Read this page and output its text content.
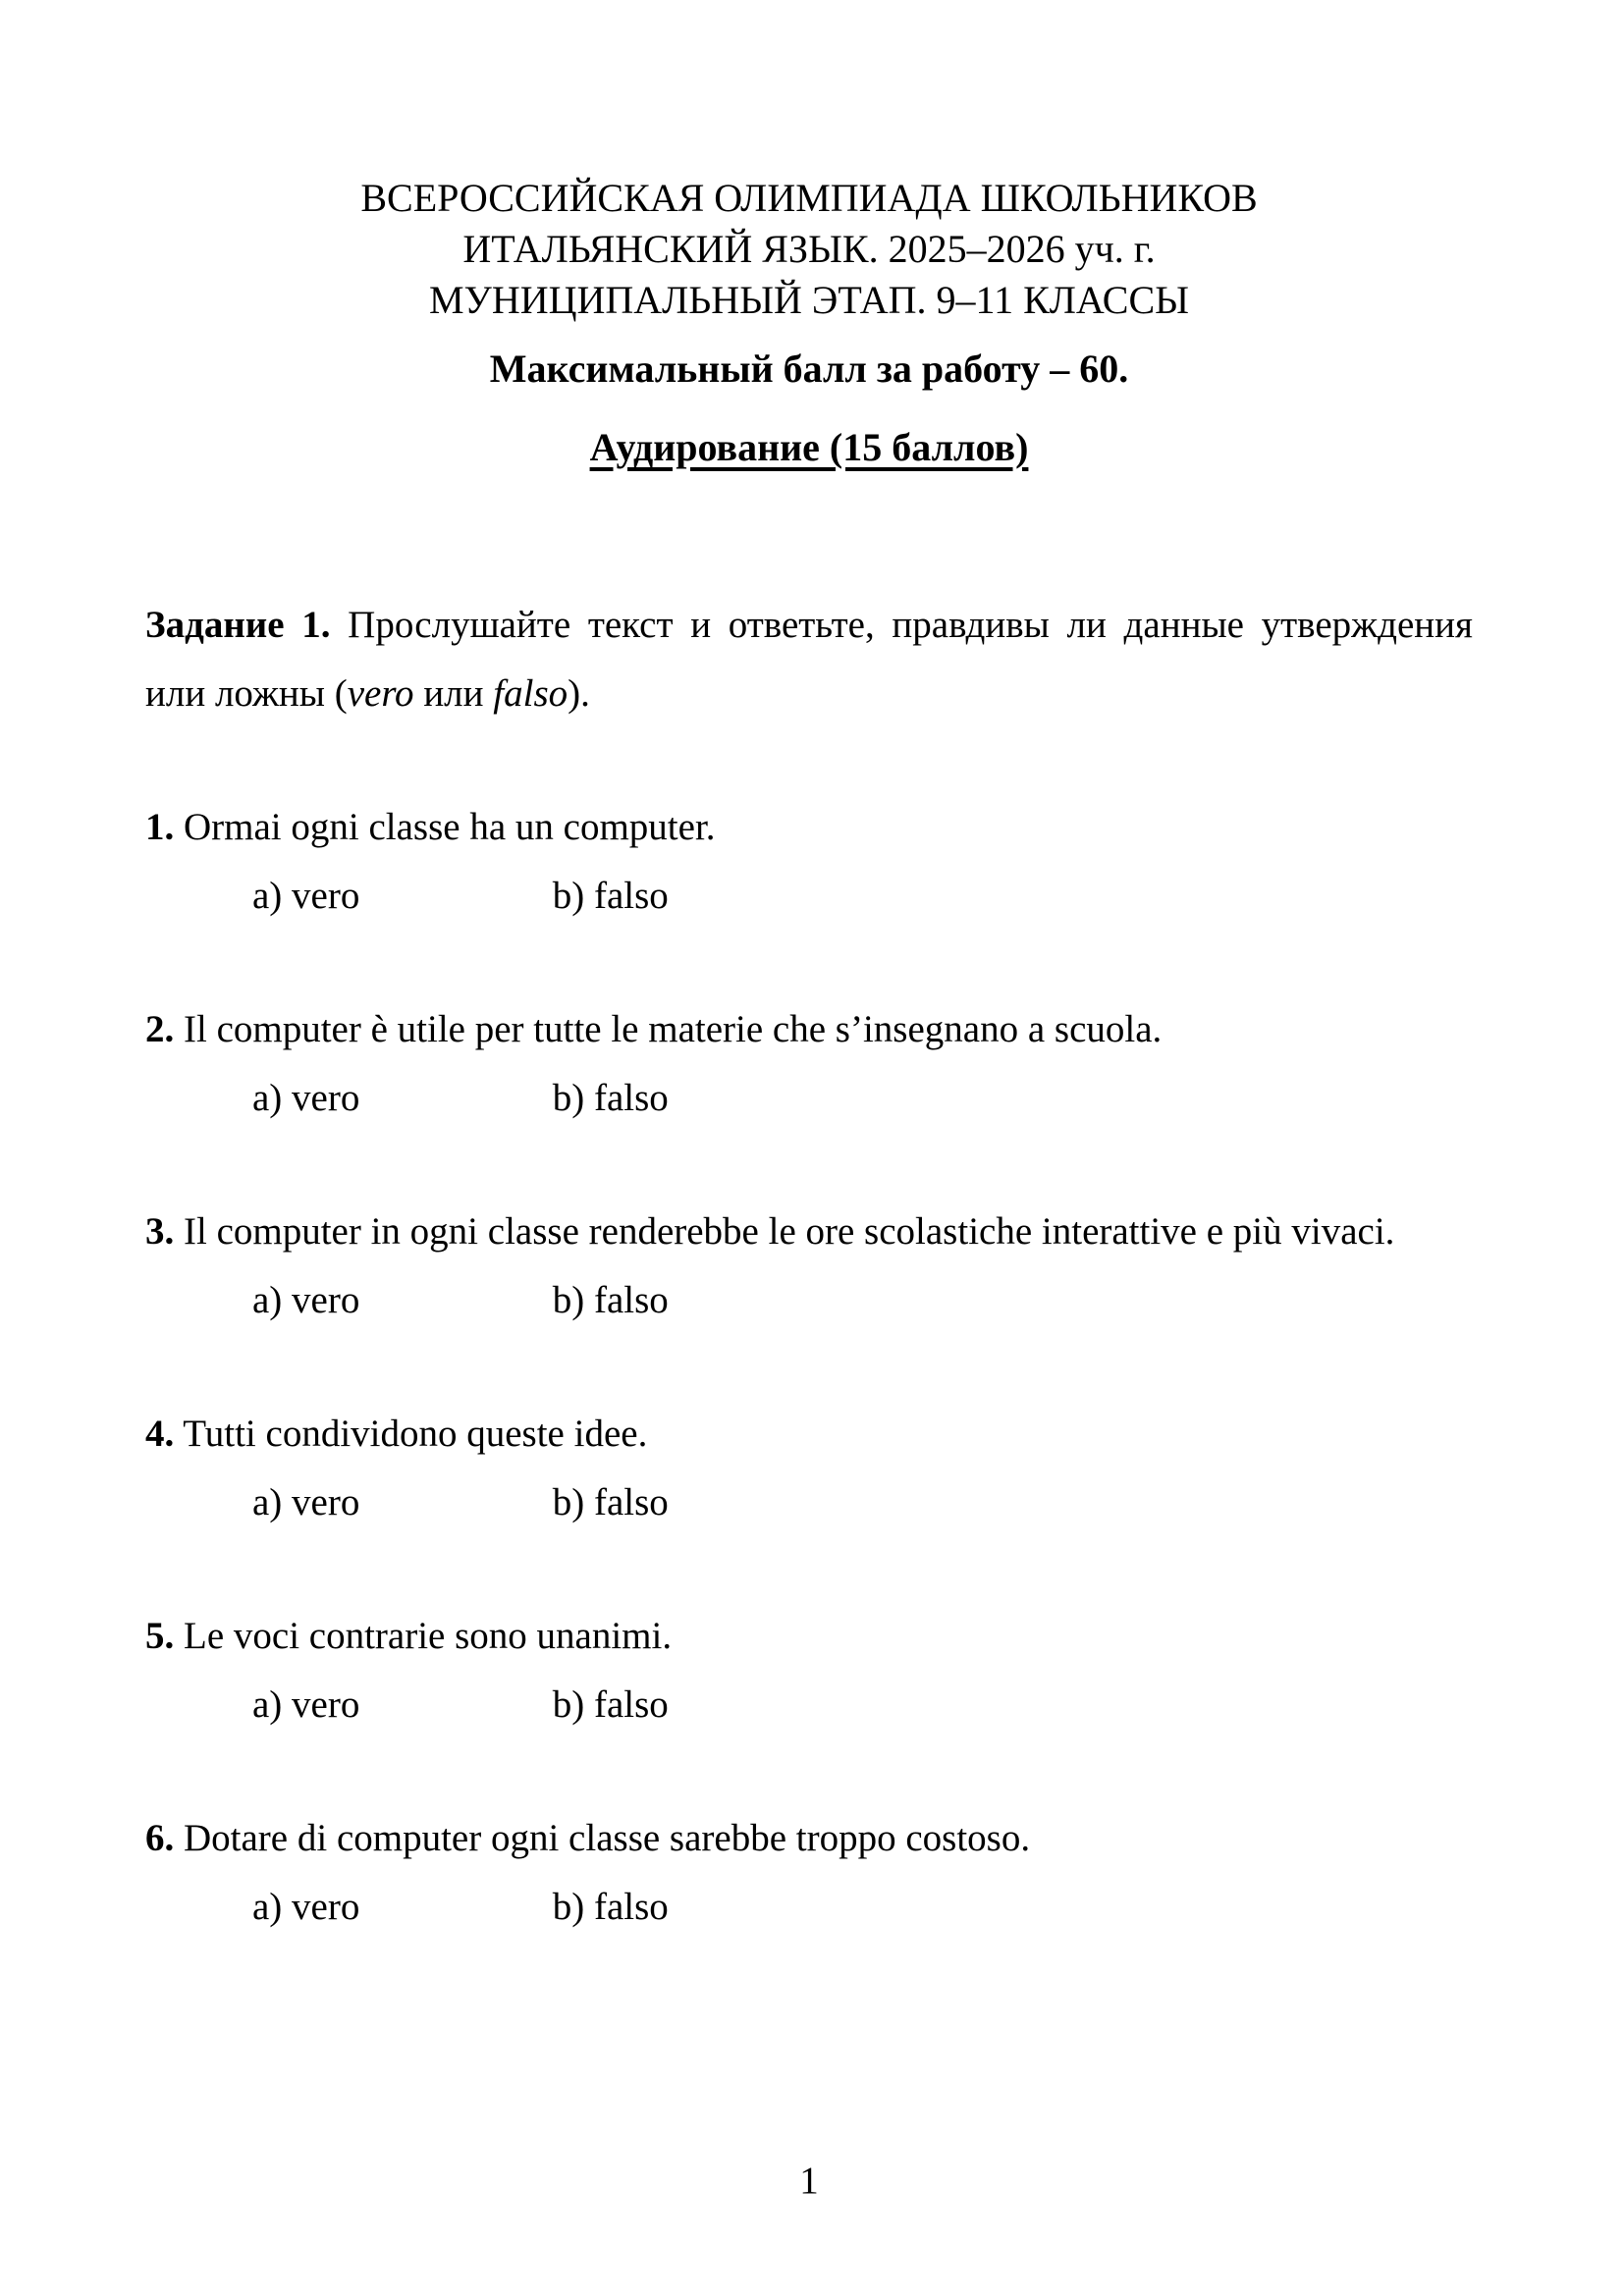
ВСЕРОССИЙСКАЯ ОЛИМПИАДА ШКОЛЬНИКОВ
ИТАЛЬЯНСКИЙ ЯЗЫК. 2025–2026 уч. г.
МУНИЦИПАЛЬНЫЙ ЭТАП. 9–11 КЛАССЫ
Максимальный балл за работу – 60.
Аудирование (15 баллов)
Задание 1. Прослушайте текст и ответьте, правдивы ли данные утверждения
или ложны (vero или falso).
1. Ormai ogni classe ha un computer.
a) vero	b) falso
2. Il computer è utile per tutte le materie che s’insegnano a scuola.
a) vero	b) falso
3. Il computer in ogni classe renderebbe le ore scolastiche interattive e più vivaci.
a) vero	b) falso
4. Tutti condividono queste idee.
a) vero	b) falso
5. Le voci contrarie sono unanimi.
a) vero	b) falso
6. Dotare di computer ogni classe sarebbe troppo costoso.
a) vero	b) falso
1
